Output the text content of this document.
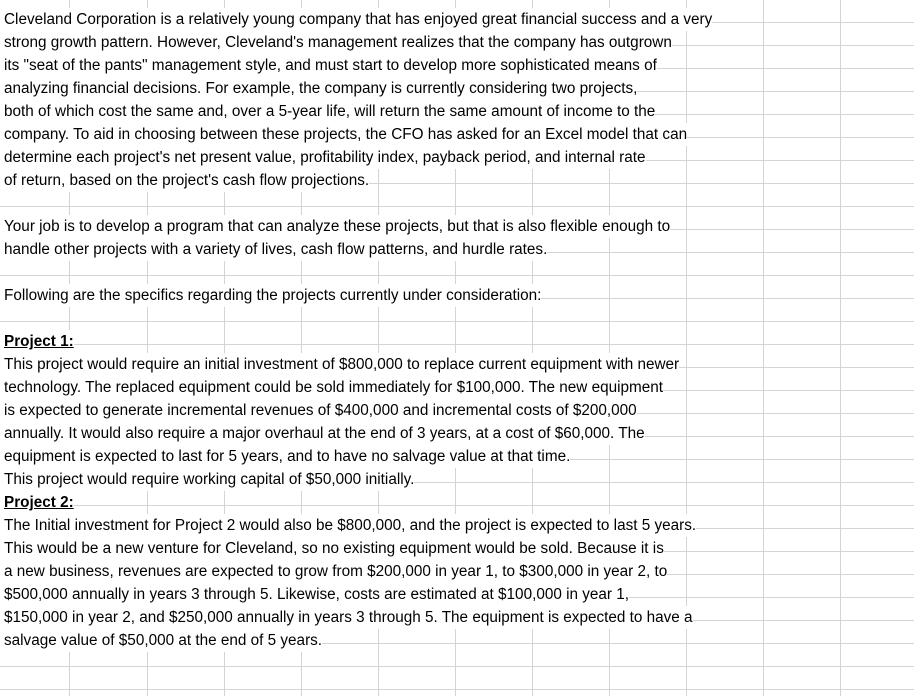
Cleveland Corporation is a relatively young company that has enjoyed great financial success and a very
strong growth pattern. However, Cleveland's management realizes that the company has outgrown
its "seat of the pants" management style, and must start to develop more sophisticated means of
analyzing financial decisions. For example, the company is currently considering two projects,
both of which cost the same and, over a 5-year life, will return the same amount of income to the
company. To aid in choosing between these projects, the CFO has asked for an Excel model that can
determine each project's net present value, profitability index, payback period, and internal rate
of return, based on the project's cash flow projections.
Your job is to develop a program that can analyze these projects, but that is also flexible enough to
handle other projects with a variety of lives, cash flow patterns, and hurdle rates.
Following are the specifics regarding the projects currently under consideration:
Project 1:
This project would require an initial investment of $800,000 to replace current equipment with newer
technology. The replaced equipment could be sold immediately for $100,000. The new equipment
is expected to generate incremental revenues of $400,000 and incremental costs of $200,000
annually. It would also require a major overhaul at the end of 3 years, at a cost of $60,000. The
equipment is expected to last for 5 years, and to have no salvage value at that time.
This project would require working capital of $50,000 initially.
Project 2:
The Initial investment for Project 2 would also be $800,000, and the project is expected to last 5 years.
This would be a new venture for Cleveland, so no existing equipment would be sold. Because it is
a new business, revenues are expected to grow from $200,000 in year 1, to $300,000 in year 2, to
$500,000 annually in years 3 through 5. Likewise, costs are estimated at $100,000 in year 1,
$150,000 in year 2, and $250,000 annually in years 3 through 5. The equipment is expected to have a
salvage value of $50,000 at the end of 5 years.
